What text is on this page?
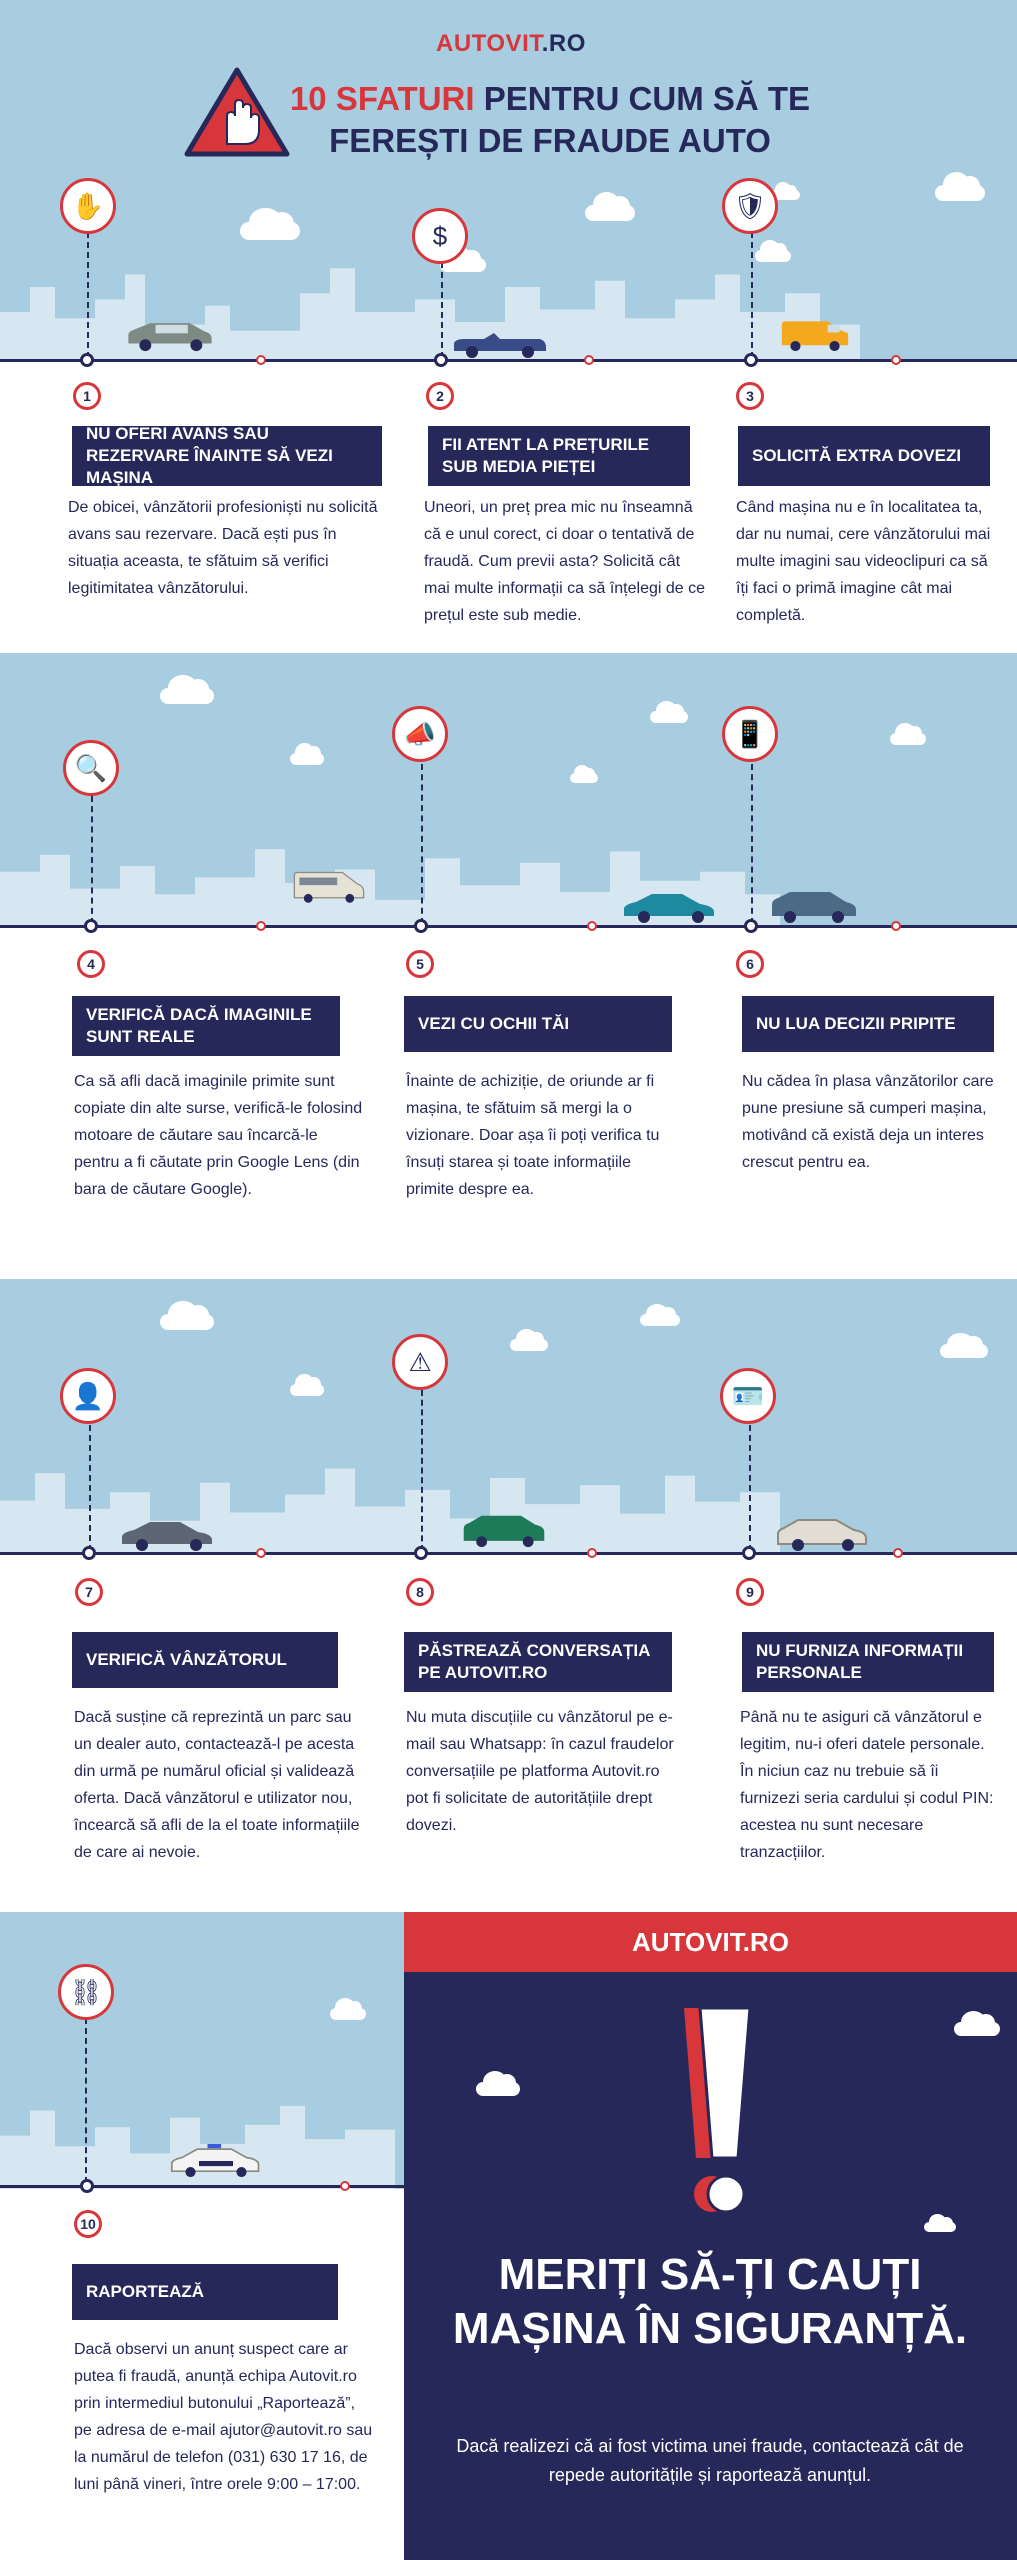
AUTOVIT.RO
10 SFATURI PENTRU CUM SĂ TE
FEREȘTI DE FRAUDE AUTO
✋
$
🛡
1
NU OFERI AVANS SAU REZERVARE ÎNAINTE SĂ VEZI MAȘINA
De obicei, vânzătorii profesioniști nu solicită avans sau rezervare. Dacă ești pus în situația aceasta, te sfătuim să verifici legitimitatea vânzătorului.
2
FII ATENT LA PREȚURILE SUB MEDIA PIEȚEI
Uneori, un preț prea mic nu înseamnă că e unul corect, ci doar o tentativă de fraudă. Cum previi asta? Solicită cât mai multe informații ca să înțelegi de ce prețul este sub medie.
3
SOLICITĂ EXTRA DOVEZI
Când mașina nu e în localitatea ta, dar nu numai, cere vânzătorului mai multe imagini sau videoclipuri ca să îți faci o primă imagine cât mai completă.
🔍
📣	📱
4
VERIFICĂ DACĂ IMAGINILE SUNT REALE
Ca să afli dacă imaginile primite sunt copiate din alte surse, verifică-le folosind motoare de căutare sau încarcă-le pentru a fi căutate prin Google Lens (din bara de căutare Google).
5
VEZI CU OCHII TĂI
Înainte de achiziție, de oriunde ar fi mașina, te sfătuim să mergi la o vizionare. Doar așa îi poți verifica tu însuți starea și toate informațiile primite despre ea.
6
NU LUA DECIZII PRIPITE
Nu cădea în plasa vânzătorilor care pune presiune să cumperi mașina, motivând că există deja un interes crescut pentru ea.
👤
⚠
🪪
7
VERIFICĂ VÂNZĂTORUL
Dacă susține că reprezintă un parc sau un dealer auto, contactează-l pe acesta din urmă pe numărul oficial și validează oferta. Dacă vânzătorul e utilizator nou, încearcă să afli de la el toate informațiile de care ai nevoie.
8
PĂSTREAZĂ CONVERSAȚIA PE AUTOVIT.RO
Nu muta discuțiile cu vânzătorul pe e-mail sau Whatsapp: în cazul fraudelor conversațiile pe platforma Autovit.ro pot fi solicitate de autoritățiile drept dovezi.
9
NU FURNIZA INFORMAȚII PERSONALE
Până nu te asiguri că vânzătorul e legitim, nu-i oferi datele personale. În niciun caz nu trebuie să îi furnizezi seria cardului și codul PIN: acestea nu sunt necesare tranzacțiilor.
⛓
10
RAPORTEAZĂ
Dacă observi un anunț suspect care ar putea fi fraudă, anunță echipa Autovit.ro prin intermediul butonului „Raportează”, pe adresa de e-mail ajutor@autovit.ro sau la numărul de telefon (031) 630 17 16, de luni până vineri, între orele 9:00 – 17:00.
AUTOVIT.RO
MERIȚI SĂ-ȚI CAUȚI MAȘINA ÎN SIGURANȚĂ.
Dacă realizezi că ai fost victima unei fraude, contactează cât de repede autoritățile și raportează anunțul.
